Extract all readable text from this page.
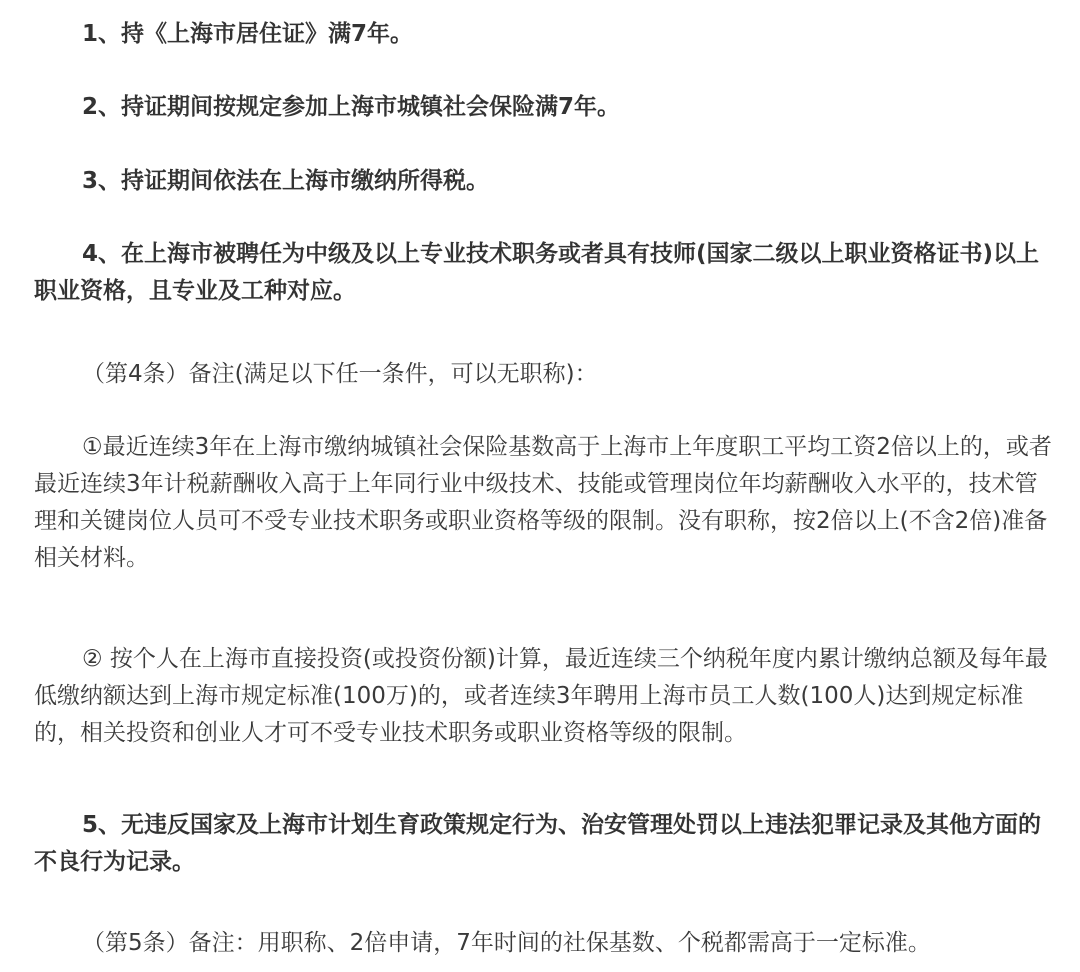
1、持《上海市居住证》满7年。

2、持证期间按规定参加上海市城镇社会保险满7年。

3、持证期间依法在上海市缴纳所得税。

4、在上海市被聘任为中级及以上专业技术职务或者具有技师(国家二级以上职业资格证书)以上职业资格，且专业及工种对应。

（第4条）备注(满足以下任一条件，可以无职称)：

①最近连续3年在上海市缴纳城镇社会保险基数高于上海市上年度职工平均工资2倍以上的，或者最近连续3年计税薪酬收入高于上年同行业中级技术、技能或管理岗位年均薪酬收入水平的，技术管理和关键岗位人员可不受专业技术职务或职业资格等级的限制。没有职称，按2倍以上(不含2倍)准备相关材料。

② 按个人在上海市直接投资(或投资份额)计算，最近连续三个纳税年度内累计缴纳总额及每年最低缴纳额达到上海市规定标准(100万)的，或者连续3年聘用上海市员工人数(100人)达到规定标准的，相关投资和创业人才可不受专业技术职务或职业资格等级的限制。

5、无违反国家及上海市计划生育政策规定行为、治安管理处罚以上违法犯罪记录及其他方面的不良行为记录。

（第5条）备注：用职称、2倍申请，7年时间的社保基数、个税都需高于一定标准。
